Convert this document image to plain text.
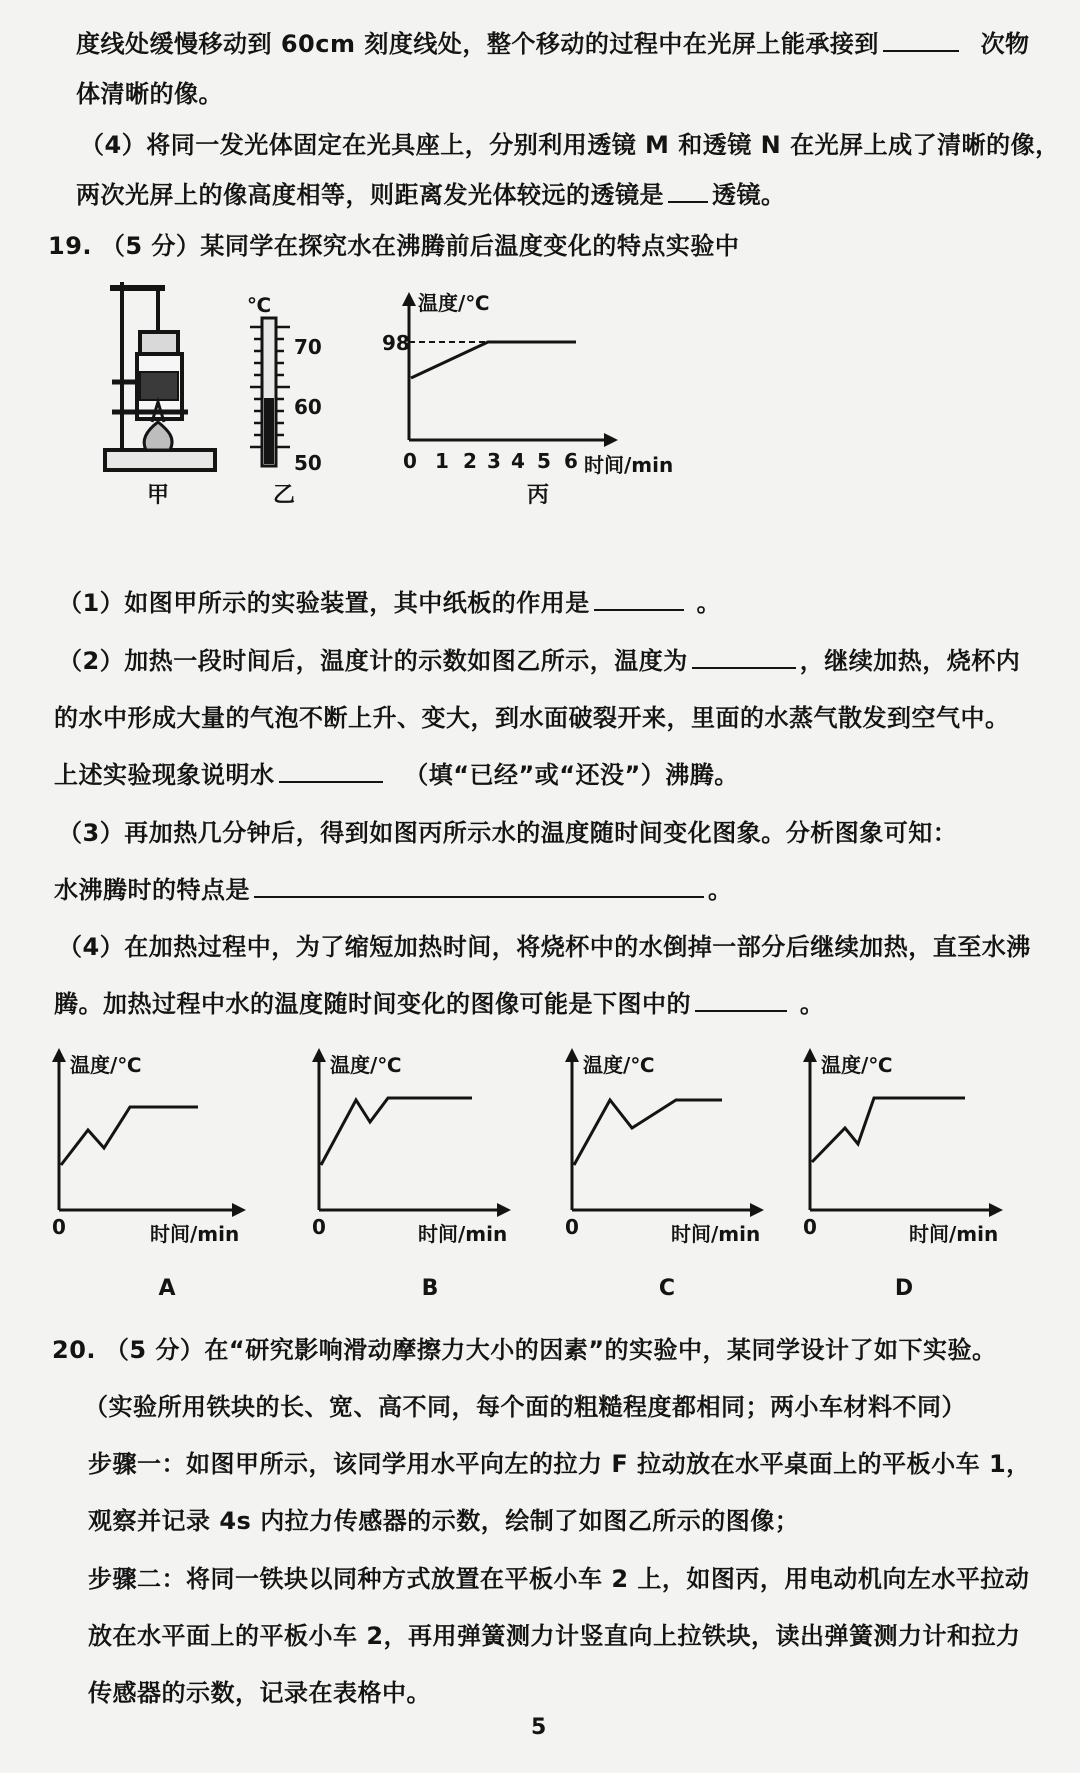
度线处缓慢移动到 60cm 刻度线处，整个移动的过程中在光屏上能承接到	次物
体清晰的像。
（4）将同一发光体固定在光具座上，分别利用透镜 M 和透镜 N 在光屏上成了清晰的像，
两次光屏上的像高度相等，则距离发光体较远的透镜是 透镜。
19. （5 分）某同学在探究水在沸腾前后温度变化的特点实验中
甲
℃
70
60
50
乙
温度/℃
98
0 1 2 3 4 5 6 时间/min
丙
（1）如图甲所示的实验装置，其中纸板的作用是	。
（2）加热一段时间后，温度计的示数如图乙所示，温度为	，继续加热，烧杯内
的水中形成大量的气泡不断上升、变大，到水面破裂开来，里面的水蒸气散发到空气中。
上述实验现象说明水	（填“已经”或“还没”）沸腾。
（3）再加热几分钟后，得到如图丙所示水的温度随时间变化图象。分析图象可知：
水沸腾时的特点是	。
（4）在加热过程中，为了缩短加热时间，将烧杯中的水倒掉一部分后继续加热，直至水沸
腾。加热过程中水的温度随时间变化的图像可能是下图中的	。
温度/℃	温度/℃	温度/℃	温度/℃
0	0	0	0
时间/min	时间/min	时间/min	时间/min
A	B	C	D
20. （5 分）在“研究影响滑动摩擦力大小的因素”的实验中，某同学设计了如下实验。
（实验所用铁块的长、宽、高不同，每个面的粗糙程度都相同；两小车材料不同）
步骤一：如图甲所示，该同学用水平向左的拉力 F 拉动放在水平桌面上的平板小车 1，
观察并记录 4s 内拉力传感器的示数，绘制了如图乙所示的图像；
步骤二：将同一铁块以同种方式放置在平板小车 2 上，如图丙，用电动机向左水平拉动
放在水平面上的平板小车 2，再用弹簧测力计竖直向上拉铁块，读出弹簧测力计和拉力
传感器的示数，记录在表格中。
5
